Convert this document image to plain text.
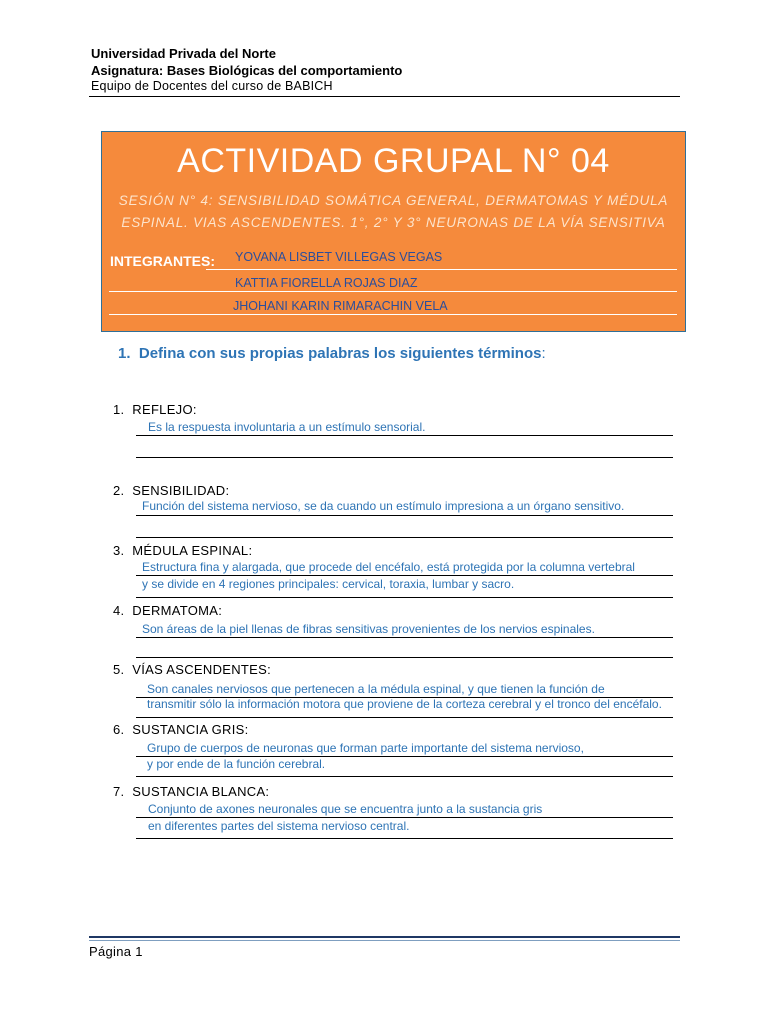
Universidad Privada del Norte
Asignatura: Bases Biológicas del comportamiento
Equipo de Docentes del curso de BABICH
ACTIVIDAD GRUPAL N° 04
SESIÓN N° 4: SENSIBILIDAD SOMÁTICA GENERAL, DERMATOMAS Y MÉDULA
ESPINAL. VIAS ASCENDENTES. 1°, 2° Y 3° NEURONAS DE LA VÍA SENSITIVA
INTEGRANTES: YOVANA LISBET VILLEGAS VEGAS
KATTIA FIORELLA ROJAS DIAZ
JHOHANI KARIN RIMARACHIN VELA
1. Defina con sus propias palabras los siguientes términos:
1. REFLEJO:
Es la respuesta involuntaria a un estímulo sensorial.
2. SENSIBILIDAD:
Función del sistema nervioso, se da cuando un estímulo impresiona a un órgano sensitivo.
3. MÉDULA ESPINAL:
Estructura fina y alargada, que procede del encéfalo, está protegida por la columna vertebral
y se divide en 4 regiones principales: cervical, toraxia, lumbar y sacro.
4. DERMATOMA:
Son áreas de la piel llenas de fibras sensitivas provenientes de los nervios espinales.
5. VÍAS ASCENDENTES:
Son canales nerviosos que pertenecen a la médula espinal, y que tienen la función de
transmitir sólo la información motora que proviene de la corteza cerebral y el tronco del encéfalo.
6. SUSTANCIA GRIS:
Grupo de cuerpos de neuronas que forman parte importante del sistema nervioso,
y por ende de la función cerebral.
7. SUSTANCIA BLANCA:
Conjunto de axones neuronales que se encuentra junto a la sustancia gris
en diferentes partes del sistema nervioso central.
Página 1
